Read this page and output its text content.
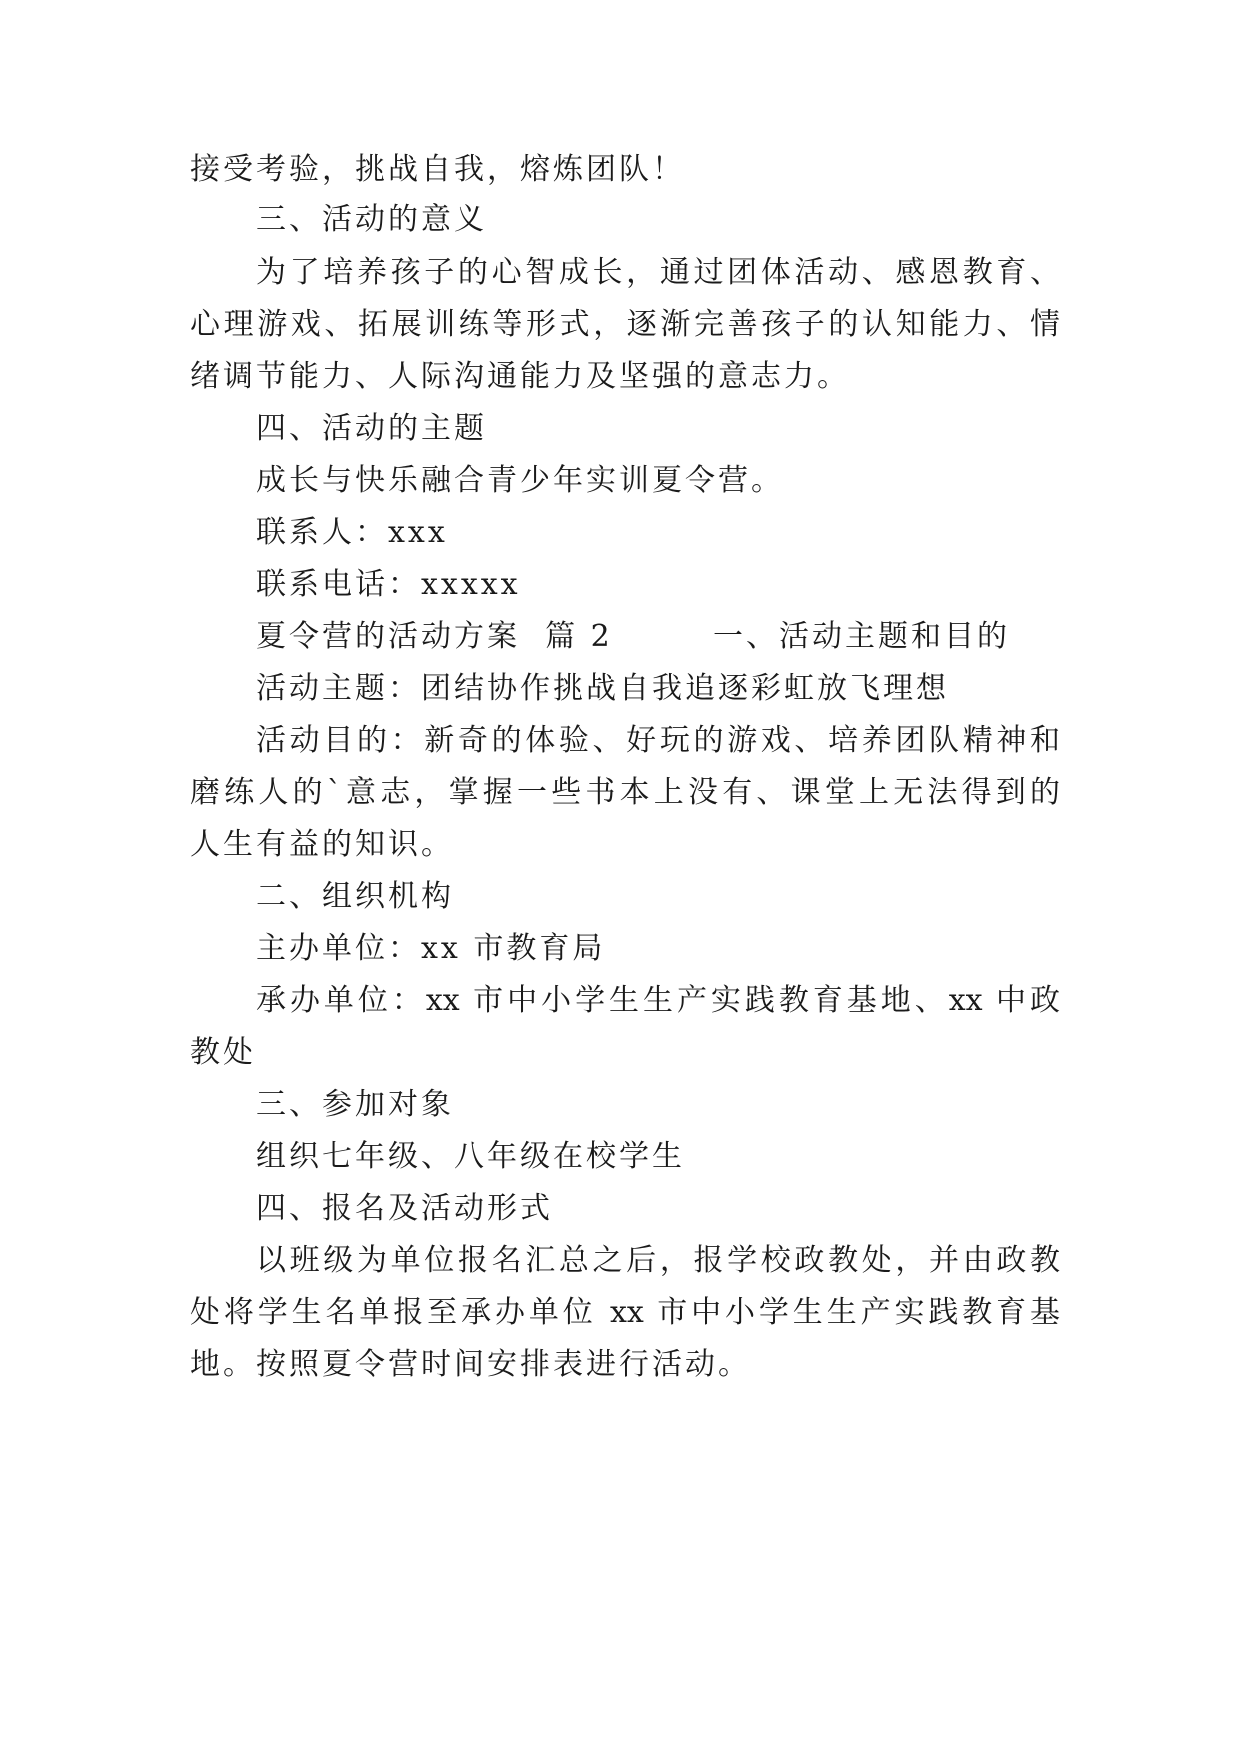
接受考验，挑战自我，熔炼团队！
三、活动的意义
为了培养孩子的心智成长，通过团体活动、感恩教育、
心理游戏、拓展训练等形式，逐渐完善孩子的认知能力、情
绪调节能力、人际沟通能力及坚强的意志力。
四、活动的主题
成长与快乐融合青少年实训夏令营。
联系人：xxx
联系电话：xxxxx
夏令营的活动方案  篇 2        一、活动主题和目的
活动主题：团结协作挑战自我追逐彩虹放飞理想
活动目的：新奇的体验、好玩的游戏、培养团队精神和
磨练人的`意志，掌握一些书本上没有、课堂上无法得到的
人生有益的知识。
二、组织机构
主办单位：xx 市教育局
承办单位：xx 市中小学生生产实践教育基地、xx 中政
教处
三、参加对象
组织七年级、八年级在校学生
四、报名及活动形式
以班级为单位报名汇总之后，报学校政教处，并由政教
处将学生名单报至承办单位 xx 市中小学生生产实践教育基
地。按照夏令营时间安排表进行活动。
